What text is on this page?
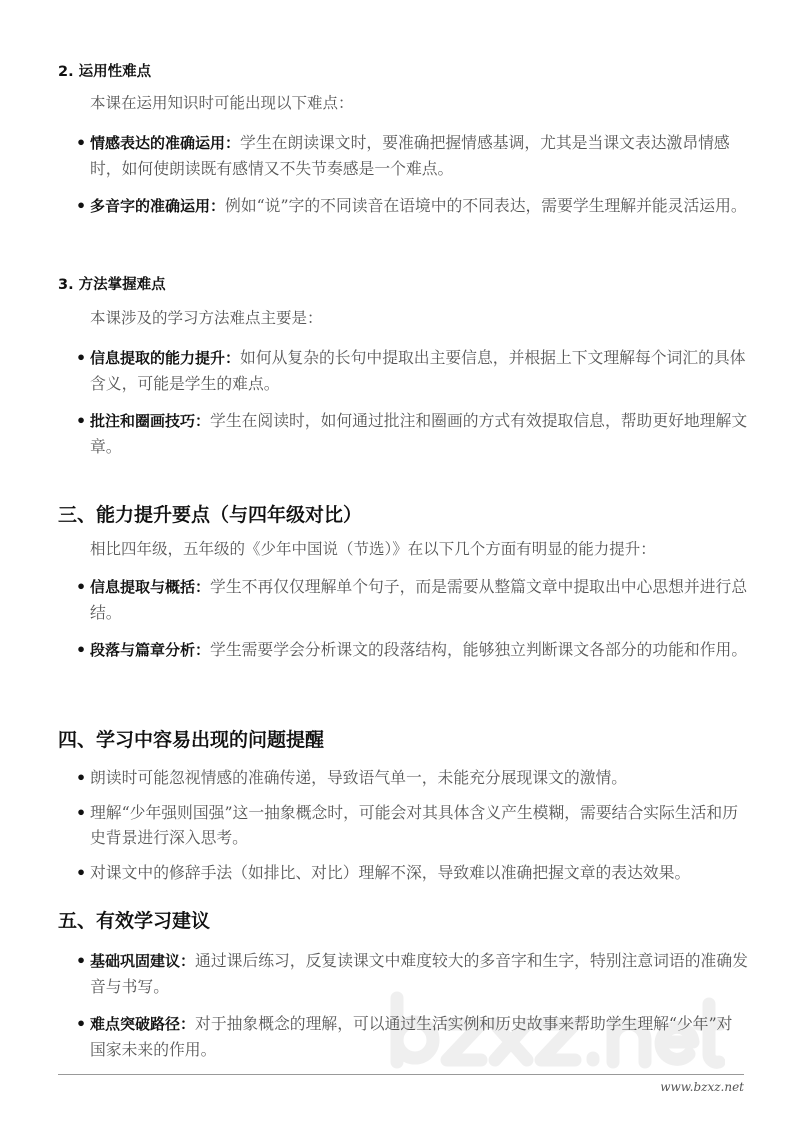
2. 运用性难点
本课在运用知识时可能出现以下难点：
• 情感表达的准确运用：学生在朗读课文时，要准确把握情感基调，尤其是当课文表达激昂情感时，如何使朗读既有感情又不失节奏感是一个难点。
• 多音字的准确运用：例如“说”字的不同读音在语境中的不同表达，需要学生理解并能灵活运用。
3. 方法掌握难点
本课涉及的学习方法难点主要是：
• 信息提取的能力提升：如何从复杂的长句中提取出主要信息，并根据上下文理解每个词汇的具体含义，可能是学生的难点。
• 批注和圈画技巧：学生在阅读时，如何通过批注和圈画的方式有效提取信息，帮助更好地理解文章。
三、能力提升要点（与四年级对比）
相比四年级，五年级的《少年中国说（节选）》在以下几个方面有明显的能力提升：
• 信息提取与概括：学生不再仅仅理解单个句子，而是需要从整篇文章中提取出中心思想并进行总结。
• 段落与篇章分析：学生需要学会分析课文的段落结构，能够独立判断课文各部分的功能和作用。
四、学习中容易出现的问题提醒
• 朗读时可能忽视情感的准确传递，导致语气单一，未能充分展现课文的激情。
• 理解“少年强则国强”这一抽象概念时，可能会对其具体含义产生模糊，需要结合实际生活和历史背景进行深入思考。
• 对课文中的修辞手法（如排比、对比）理解不深，导致难以准确把握文章的表达效果。
五、有效学习建议
• 基础巩固建议：通过课后练习，反复读课文中难度较大的多音字和生字，特别注意词语的准确发音与书写。
• 难点突破路径：对于抽象概念的理解，可以通过生活实例和历史故事来帮助学生理解“少年”对国家未来的作用。
www.bzxz.net
